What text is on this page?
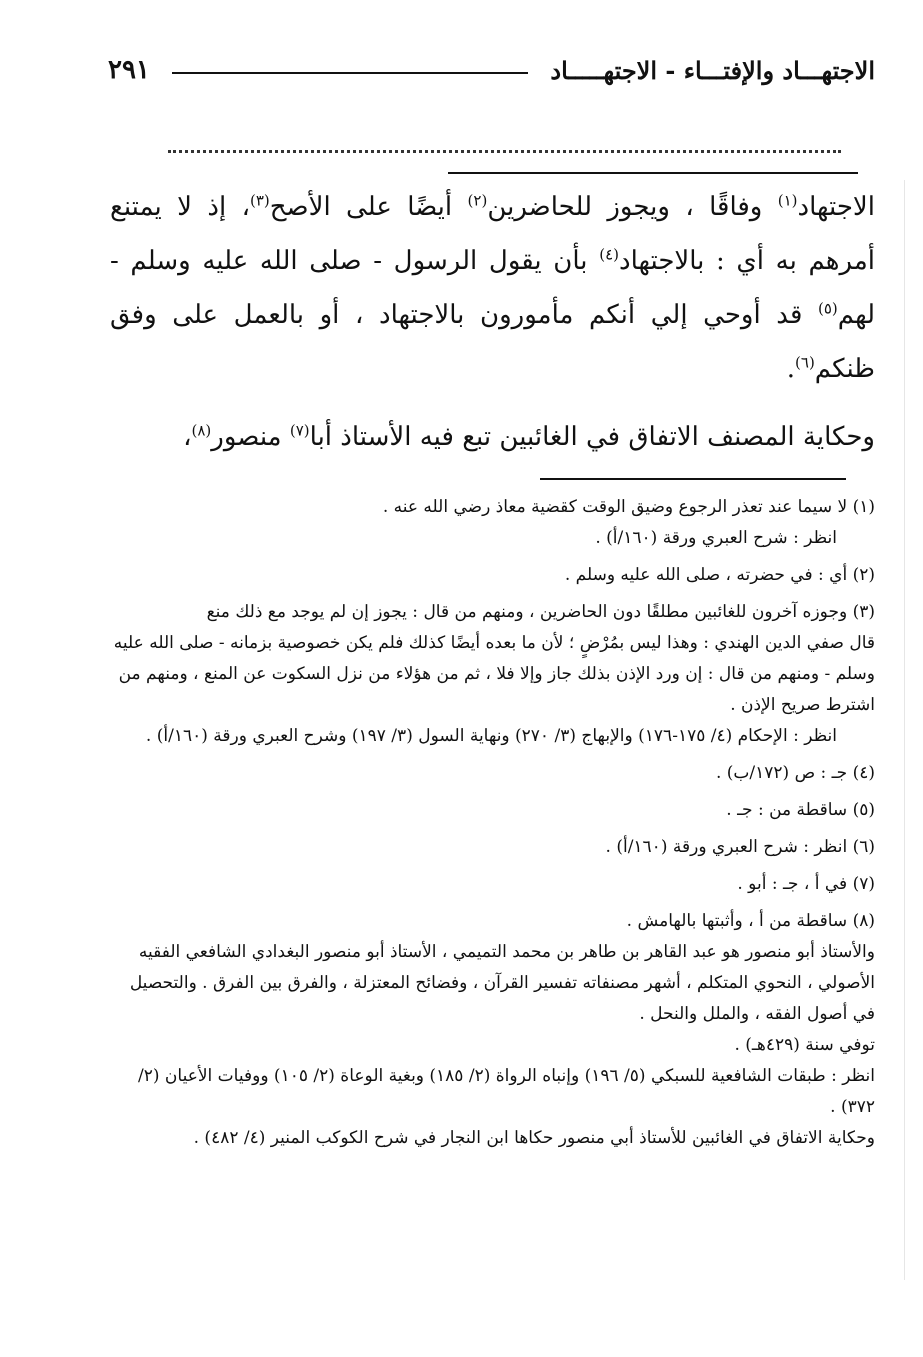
الاجتهـــاد والإفتـــاء - الاجتهـــــاد
٢٩١

الاجتهاد$^{(١)}$ وفاقًا ، ويجوز للحاضرين$^{(٢)}$ أيضًا على الأصح$^{(٣)}$، إذ لا يمتنع أمرهم به أي : بالاجتهاد$^{(٤)}$ بأن يقول الرسول - صلى الله عليه وسلم - لهم$^{(٥)}$ قد أوحي إلي أنكم مأمورون بالاجتهاد ، أو بالعمل على وفق ظنكم$^{(٦)}$.

وحكاية المصنف الاتفاق في الغائبين تبع فيه الأستاذ أبا$^{(٧)}$ منصور$^{(٨)}$،

(١) لا سيما عند تعذر الرجوع وضيق الوقت كقضية معاذ رضي الله عنه .
انظر : شرح العبري ورقة (١٦٠/أ) .
(٢) أي : في حضرته ، صلى الله عليه وسلم .
(٣) وجوزه آخرون للغائبين مطلقًا دون الحاضرين ، ومنهم من قال : يجوز إن لم يوجد مع ذلك منع
قال صفي الدين الهندي : وهذا ليس بمُرْضٍ ؛ لأن ما بعده أيضًا كذلك فلم يكن خصوصية بزمانه - صلى الله عليه وسلم - ومنهم من قال : إن ورد الإذن بذلك جاز وإلا فلا ، ثم من هؤلاء من نزل السكوت عن المنع ، ومنهم من اشترط صريح الإذن .
انظر : الإحكام (٤/ ١٧٥-١٧٦) والإبهاج (٣/ ٢٧٠) ونهاية السول (٣/ ١٩٧) وشرح العبري ورقة (١٦٠/أ) .
(٤) جـ : ص (١٧٢/ب) .
(٥) ساقطة من : جـ .
(٦) انظر : شرح العبري ورقة (١٦٠/أ) .
(٧) في أ ، جـ : أبو .
(٨) ساقطة من أ ، وأثبتها بالهامش .
والأستاذ أبو منصور هو عبد القاهر بن طاهر بن محمد التميمي ، الأستاذ أبو منصور البغدادي الشافعي الفقيه الأصولي ، النحوي المتكلم ، أشهر مصنفاته تفسير القرآن ، وفضائح المعتزلة ، والفرق بين الفرق . والتحصيل في أصول الفقه ، والملل والنحل .
توفي سنة (٤٢٩هـ) .
انظر : طبقات الشافعية للسبكي (٥/ ١٩٦) وإنباه الرواة (٢/ ١٨٥) وبغية الوعاة (٢/ ١٠٥) ووفيات الأعيان (٢/ ٣٧٢) .
وحكاية الاتفاق في الغائبين للأستاذ أبي منصور حكاها ابن النجار في شرح الكوكب المنير (٤/ ٤٨٢) .
